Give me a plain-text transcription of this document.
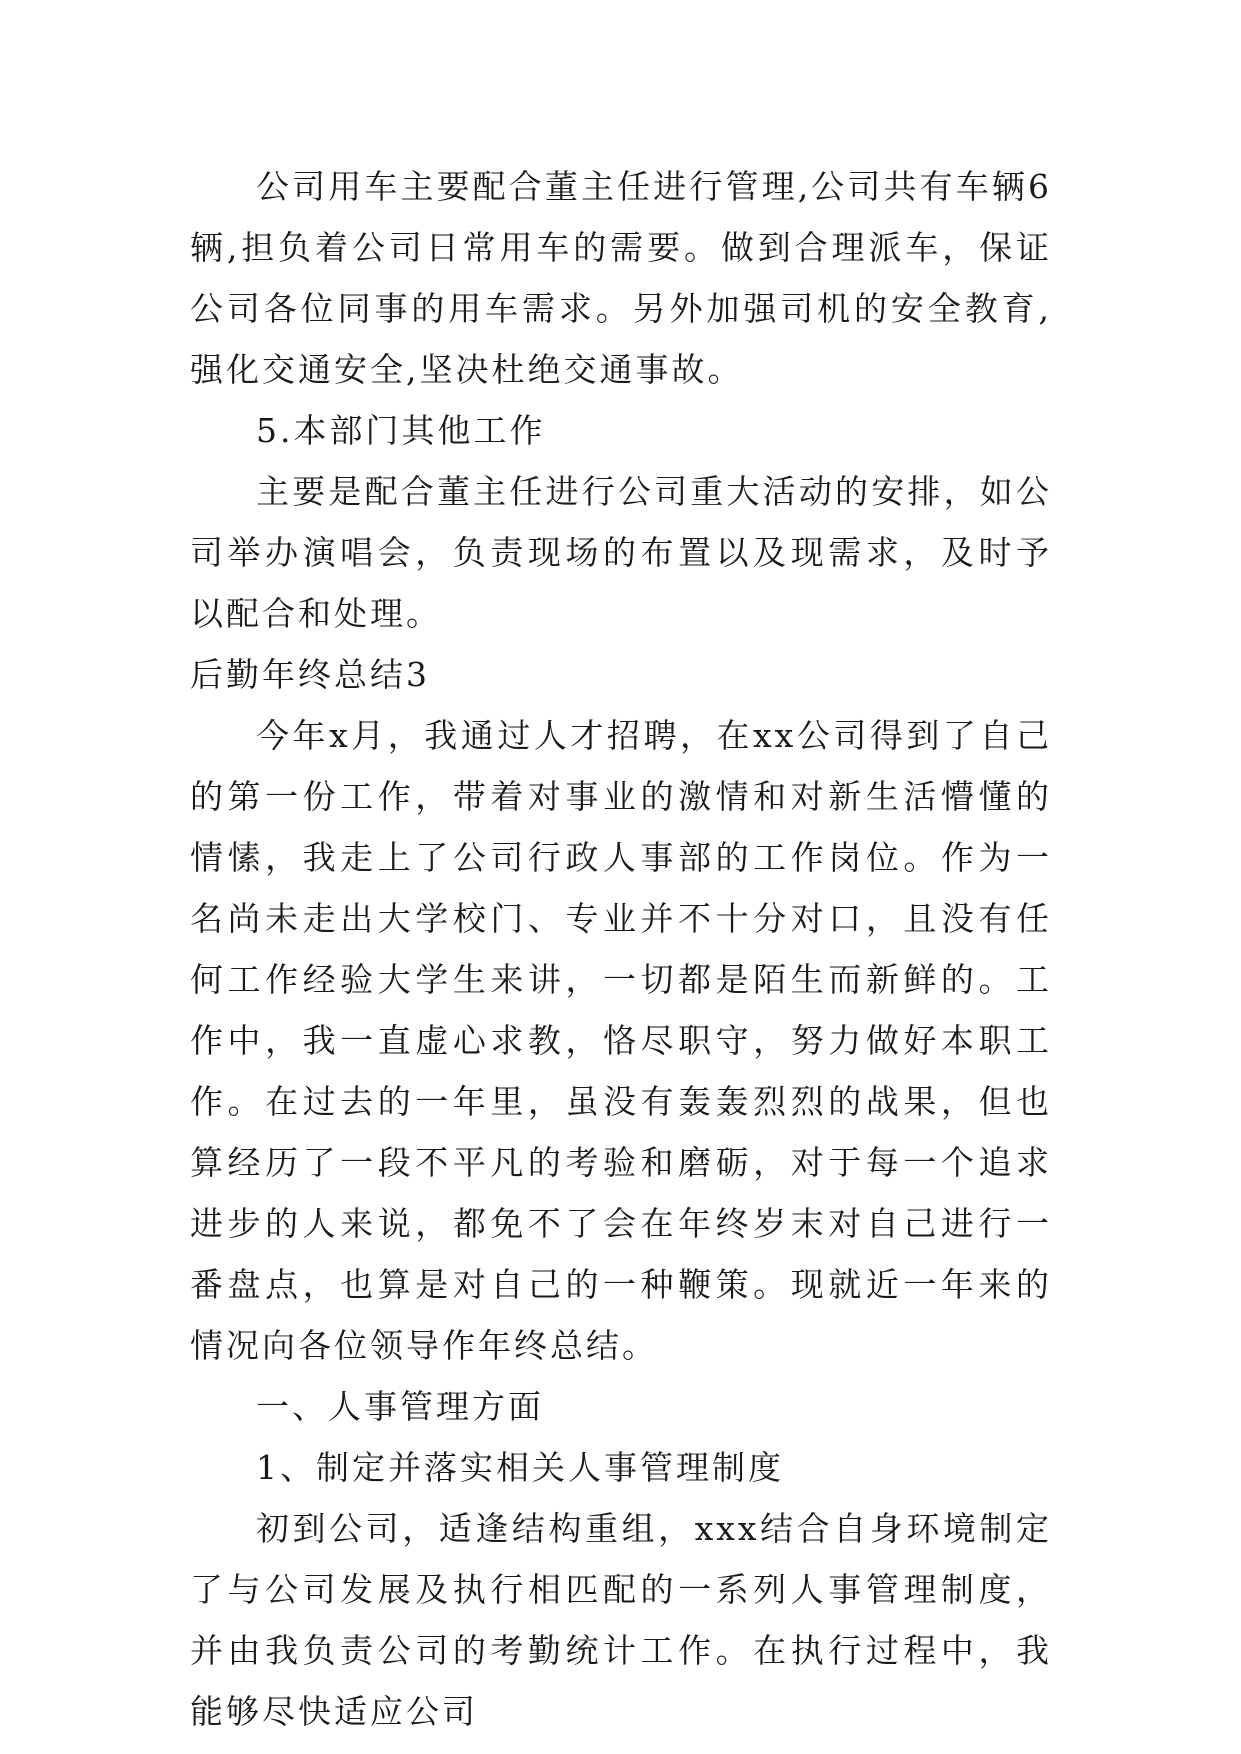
公司用车主要配合董主任进行管理,公司共有车辆6辆,担负着公司日常用车的需要。做到合理派车，保证公司各位同事的用车需求。另外加强司机的安全教育,强化交通安全,坚决杜绝交通事故。

5.本部门其他工作

主要是配合董主任进行公司重大活动的安排，如公司举办演唱会，负责现场的布置以及现需求，及时予以配合和处理。

后勤年终总结3

今年x月，我通过人才招聘，在xx公司得到了自己的第一份工作，带着对事业的激情和对新生活懵懂的情愫，我走上了公司行政人事部的工作岗位。作为一名尚未走出大学校门、专业并不十分对口，且没有任何工作经验大学生来讲，一切都是陌生而新鲜的。工作中，我一直虚心求教，恪尽职守，努力做好本职工作。在过去的一年里，虽没有轰轰烈烈的战果，但也算经历了一段不平凡的考验和磨砺，对于每一个追求进步的人来说，都免不了会在年终岁末对自己进行一番盘点，也算是对自己的一种鞭策。现就近一年来的情况向各位领导作年终总结。

一、人事管理方面

1、制定并落实相关人事管理制度

初到公司，适逢结构重组，xxx结合自身环境制定了与公司发展及执行相匹配的一系列人事管理制度，并由我负责公司的考勤统计工作。在执行过程中，我能够尽快适应公司
